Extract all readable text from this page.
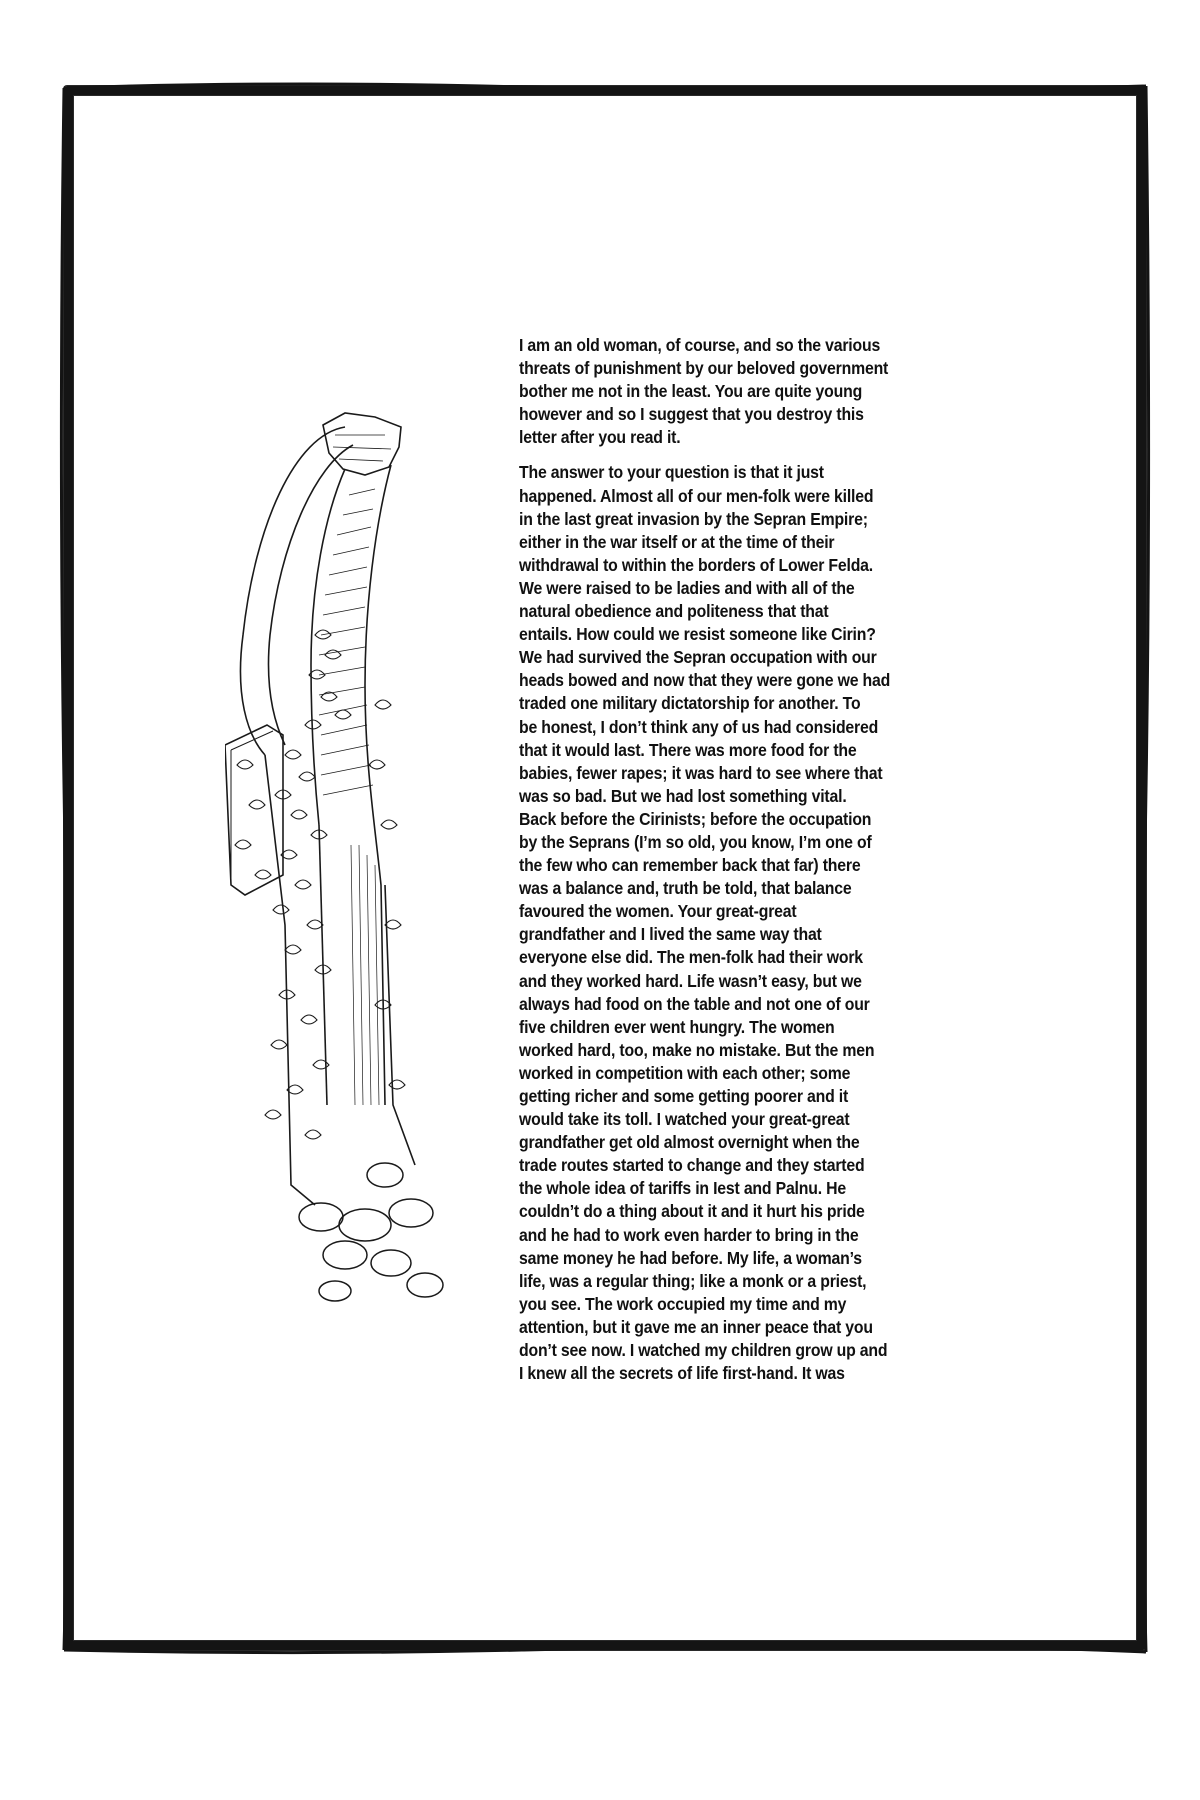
I am an old woman, of course, and so the various
threats of punishment by our beloved government
bother me not in the least. You are quite young
however and so I suggest that you destroy this
letter after you read it.

The answer to your question is that it just
happened. Almost all of our men-folk were killed
in the last great invasion by the Sepran Empire;
either in the war itself or at the time of their
withdrawal to within the borders of Lower Felda.
We were raised to be ladies and with all of the
natural obedience and politeness that that
entails. How could we resist someone like Cirin?
We had survived the Sepran occupation with our
heads bowed and now that they were gone we had
traded one military dictatorship for another. To
be honest, I don’t think any of us had considered
that it would last. There was more food for the
babies, fewer rapes; it was hard to see where that
was so bad. But we had lost something vital.
Back before the Cirinists; before the occupation
by the Seprans (I’m so old, you know, I’m one of
the few who can remember back that far) there
was a balance and, truth be told, that balance
favoured the women. Your great-great
grandfather and I lived the same way that
everyone else did. The men-folk had their work
and they worked hard. Life wasn’t easy, but we
always had food on the table and not one of our
five children ever went hungry. The women
worked hard, too, make no mistake. But the men
worked in competition with each other; some
getting richer and some getting poorer and it
would take its toll. I watched your great-great
grandfather get old almost overnight when the
trade routes started to change and they started
the whole idea of tariffs in Iest and Palnu. He
couldn’t do a thing about it and it hurt his pride
and he had to work even harder to bring in the
same money he had before. My life, a woman’s
life, was a regular thing; like a monk or a priest,
you see. The work occupied my time and my
attention, but it gave me an inner peace that you
don’t see now. I watched my children grow up and
I knew all the secrets of life first-hand. It was
